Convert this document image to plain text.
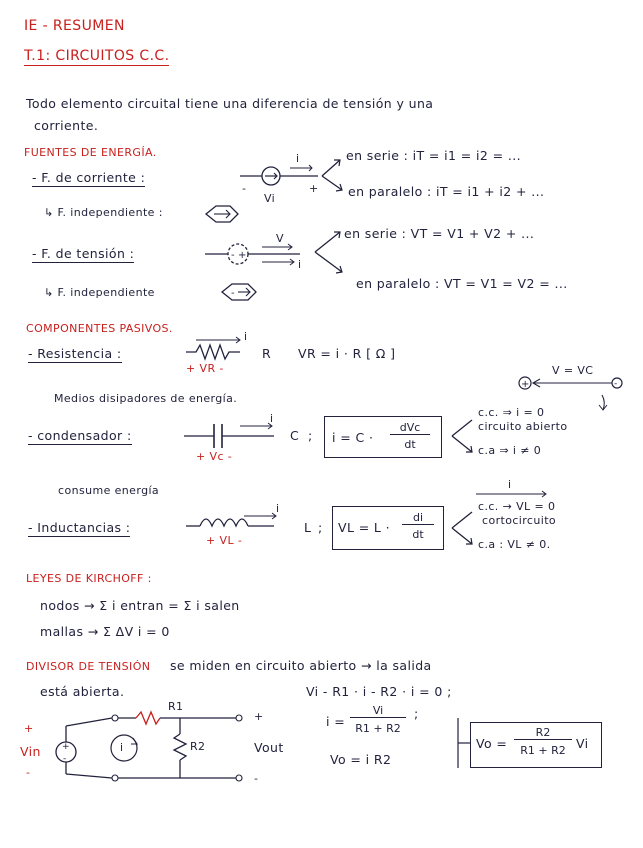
IE - RESUMEN
T.1: CIRCUITOS C.C.
Todo elemento circuital tiene una diferencia de tensión y una
corriente.
FUENTES DE ENERGÍA.
- F. de corriente :
-	+
i
Vi
en serie : iT = i1 = i2 = ...
en paralelo : iT = i1 + i2 + ...
↳ F. independiente :
- F. de tensión :	- +
-
V
i
en serie : VT = V1 + V2 + ...
en paralelo : VT = V1 = V2 = ...
↳ F. independiente
COMPONENTES PASIVOS.
- Resistencia :
i
R
+ VR -
VR = i · R [ Ω ]
Medios disipadores de energía.
+	-
V = VC
- condensador :
i
C
+ Vc -
; i = C ·
dVc
dt
c.c. ⇒ i = 0
circuito abierto
c.a ⇒ i ≠ 0
consume energía
- Inductancias :
i
L
+ VL -
; VL = L ·
di
dt
i
c.c. → VL = 0
cortocircuito
c.a : VL ≠ 0.
LEYES DE KIRCHOFF :
nodos → Σ i entran = Σ i salen
mallas → Σ ΔV i = 0
DIVISOR DE TENSIÓN se miden en circuito abierto → la salida
está abierta.
+
-
R1
R2
Vin
+
-
i
+
Vout
-
Vi - R1 · i - R2 · i = 0 ;
i =
Vi
R1 + R2
;
Vo = i R2
Vo =
R2
R1 + R2 Vi
